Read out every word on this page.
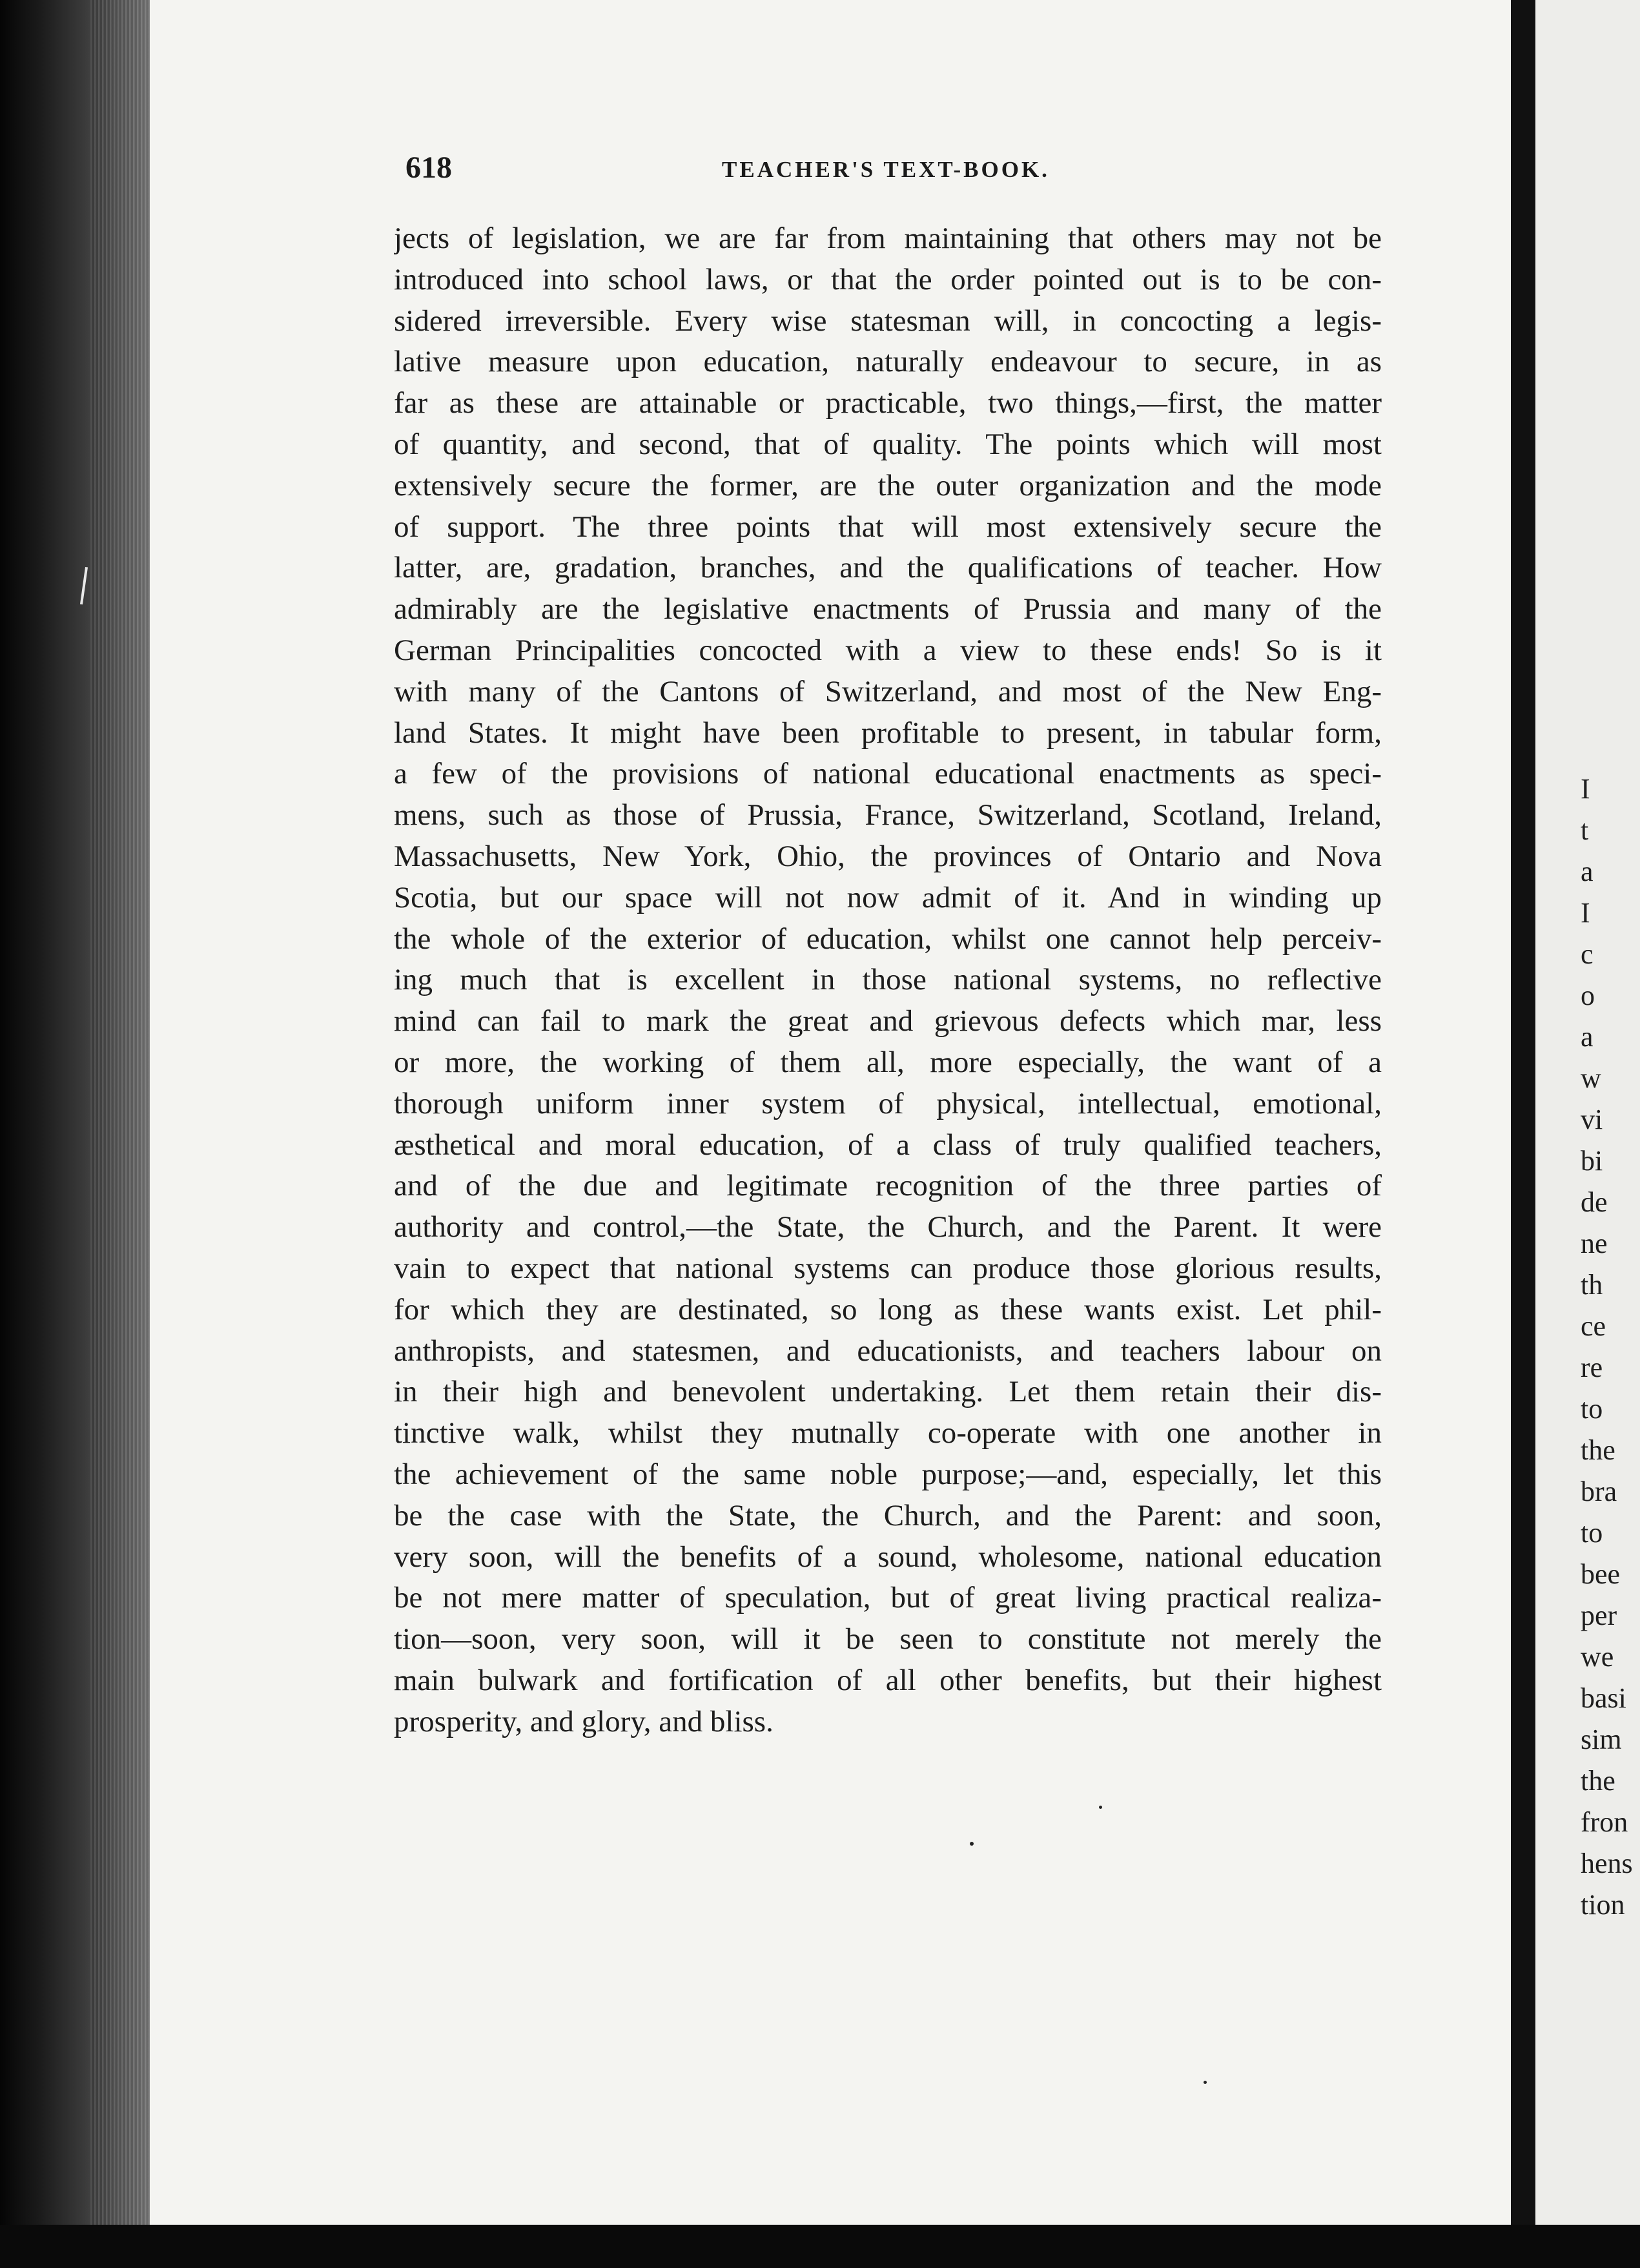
618	TEACHER'S TEXT-BOOK.
jects of legislation, we are far from maintaining that others may not be
introduced into school laws, or that the order pointed out is to be con-
sidered irreversible. Every wise statesman will, in concocting a legis-
lative measure upon education, naturally endeavour to secure, in as
far as these are attainable or practicable, two things,—first, the matter
of quantity, and second, that of quality. The points which will most
extensively secure the former, are the outer organization and the mode
of support. The three points that will most extensively secure the
latter, are, gradation, branches, and the qualifications of teacher. How
admirably are the legislative enactments of Prussia and many of the
German Principalities concocted with a view to these ends! So is it
with many of the Cantons of Switzerland, and most of the New Eng-
land States. It might have been profitable to present, in tabular form,
a few of the provisions of national educational enactments as speci-
mens, such as those of Prussia, France, Switzerland, Scotland, Ireland,
Massachusetts, New York, Ohio, the provinces of Ontario and Nova
Scotia, but our space will not now admit of it. And in winding up
the whole of the exterior of education, whilst one cannot help perceiv-
ing much that is excellent in those national systems, no reflective
mind can fail to mark the great and grievous defects which mar, less
or more, the working of them all, more especially, the want of a
thorough uniform inner system of physical, intellectual, emotional,
æsthetical and moral education, of a class of truly qualified teachers,
and of the due and legitimate recognition of the three parties of
authority and control,—the State, the Church, and the Parent. It were
vain to expect that national systems can produce those glorious results,
for which they are destinated, so long as these wants exist. Let phil-
anthropists, and statesmen, and educationists, and teachers labour on
in their high and benevolent undertaking. Let them retain their dis-
tinctive walk, whilst they mutnally co-operate with one another in
the achievement of the same noble purpose;—and, especially, let this
be the case with the State, the Church, and the Parent: and soon,
very soon, will the benefits of a sound, wholesome, national education
be not mere matter of speculation, but of great living practical realiza-
tion—soon, very soon, will it be seen to constitute not merely the
main bulwark and fortification of all other benefits, but their highest
prosperity, and glory, and bliss.
I
t
a
I
c
o
a
w
vi
bi
de
ne
th
ce
re
to
the
bra
to
bee
per
we
basi
sim
the
fron
hens
tion
